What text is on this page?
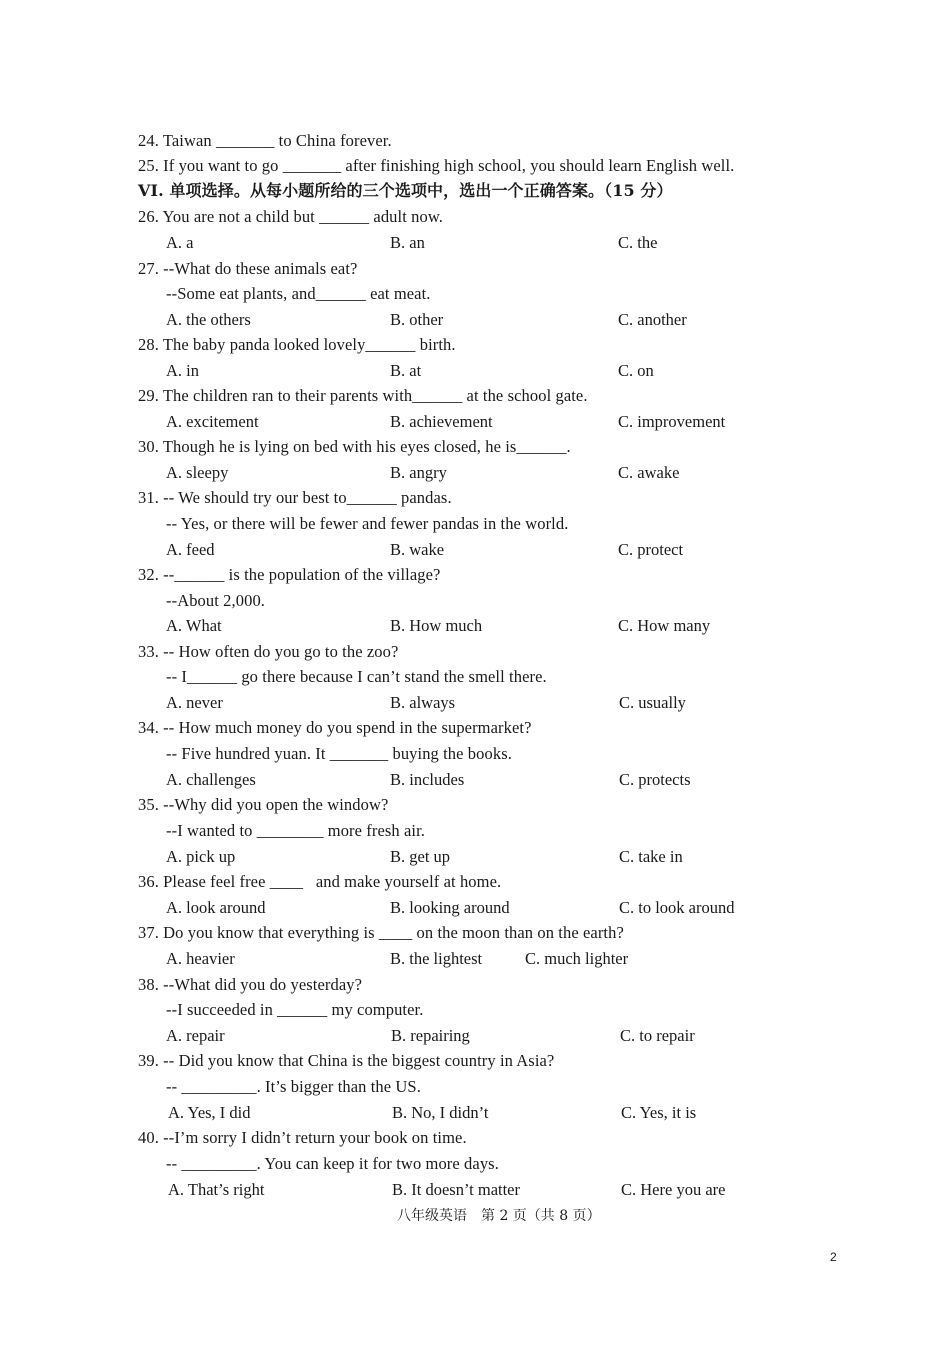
24. Taiwan _______ to China forever.
25. If you want to go _______ after finishing high school, you should learn English well.
VI. 单项选择。从每小题所给的三个选项中，选出一个正确答案。（15 分）
26. You are not a child but ______ adult now.
A. a	B. an	C. the
27. --What do these animals eat?
--Some eat plants, and______ eat meat.
A. the others	B. other	C. another
28. The baby panda looked lovely______ birth.
A. in	B. at	C. on
29. The children ran to their parents with______ at the school gate.
A. excitement	B. achievement	C. improvement
30. Though he is lying on bed with his eyes closed, he is______.
A. sleepy	B. angry	C. awake
31. -- We should try our best to______ pandas.
-- Yes, or there will be fewer and fewer pandas in the world.
A. feed	B. wake	C. protect
32. --______ is the population of the village?
--About 2,000.
A. What	B. How much	C. How many
33. -- How often do you go to the zoo?
-- I______ go there because I can’t stand the smell there.
A. never	B. always	C. usually
34. -- How much money do you spend in the supermarket?
-- Five hundred yuan. It _______ buying the books.
A. challenges	B. includes	C. protects
35. --Why did you open the window?
--I wanted to ________ more fresh air.
A. pick up	B. get up	C. take in
36. Please feel free ____   and make yourself at home.
A. look around	B. looking around	C. to look around
37. Do you know that everything is ____ on the moon than on the earth?
A. heavier	B. the lightest	C. much lighter
38. --What did you do yesterday?
--I succeeded in ______ my computer.
A. repair	B. repairing	C. to repair
39. -- Did you know that China is the biggest country in Asia?
-- _________. It’s bigger than the US.
A. Yes, I did	B. No, I didn’t	C. Yes, it is
40. --I’m sorry I didn’t return your book on time.
-- _________. You can keep it for two more days.
A. That’s right	B. It doesn’t matter	C. Here you are
八年级英语　第 2 页（共 8 页）
2
